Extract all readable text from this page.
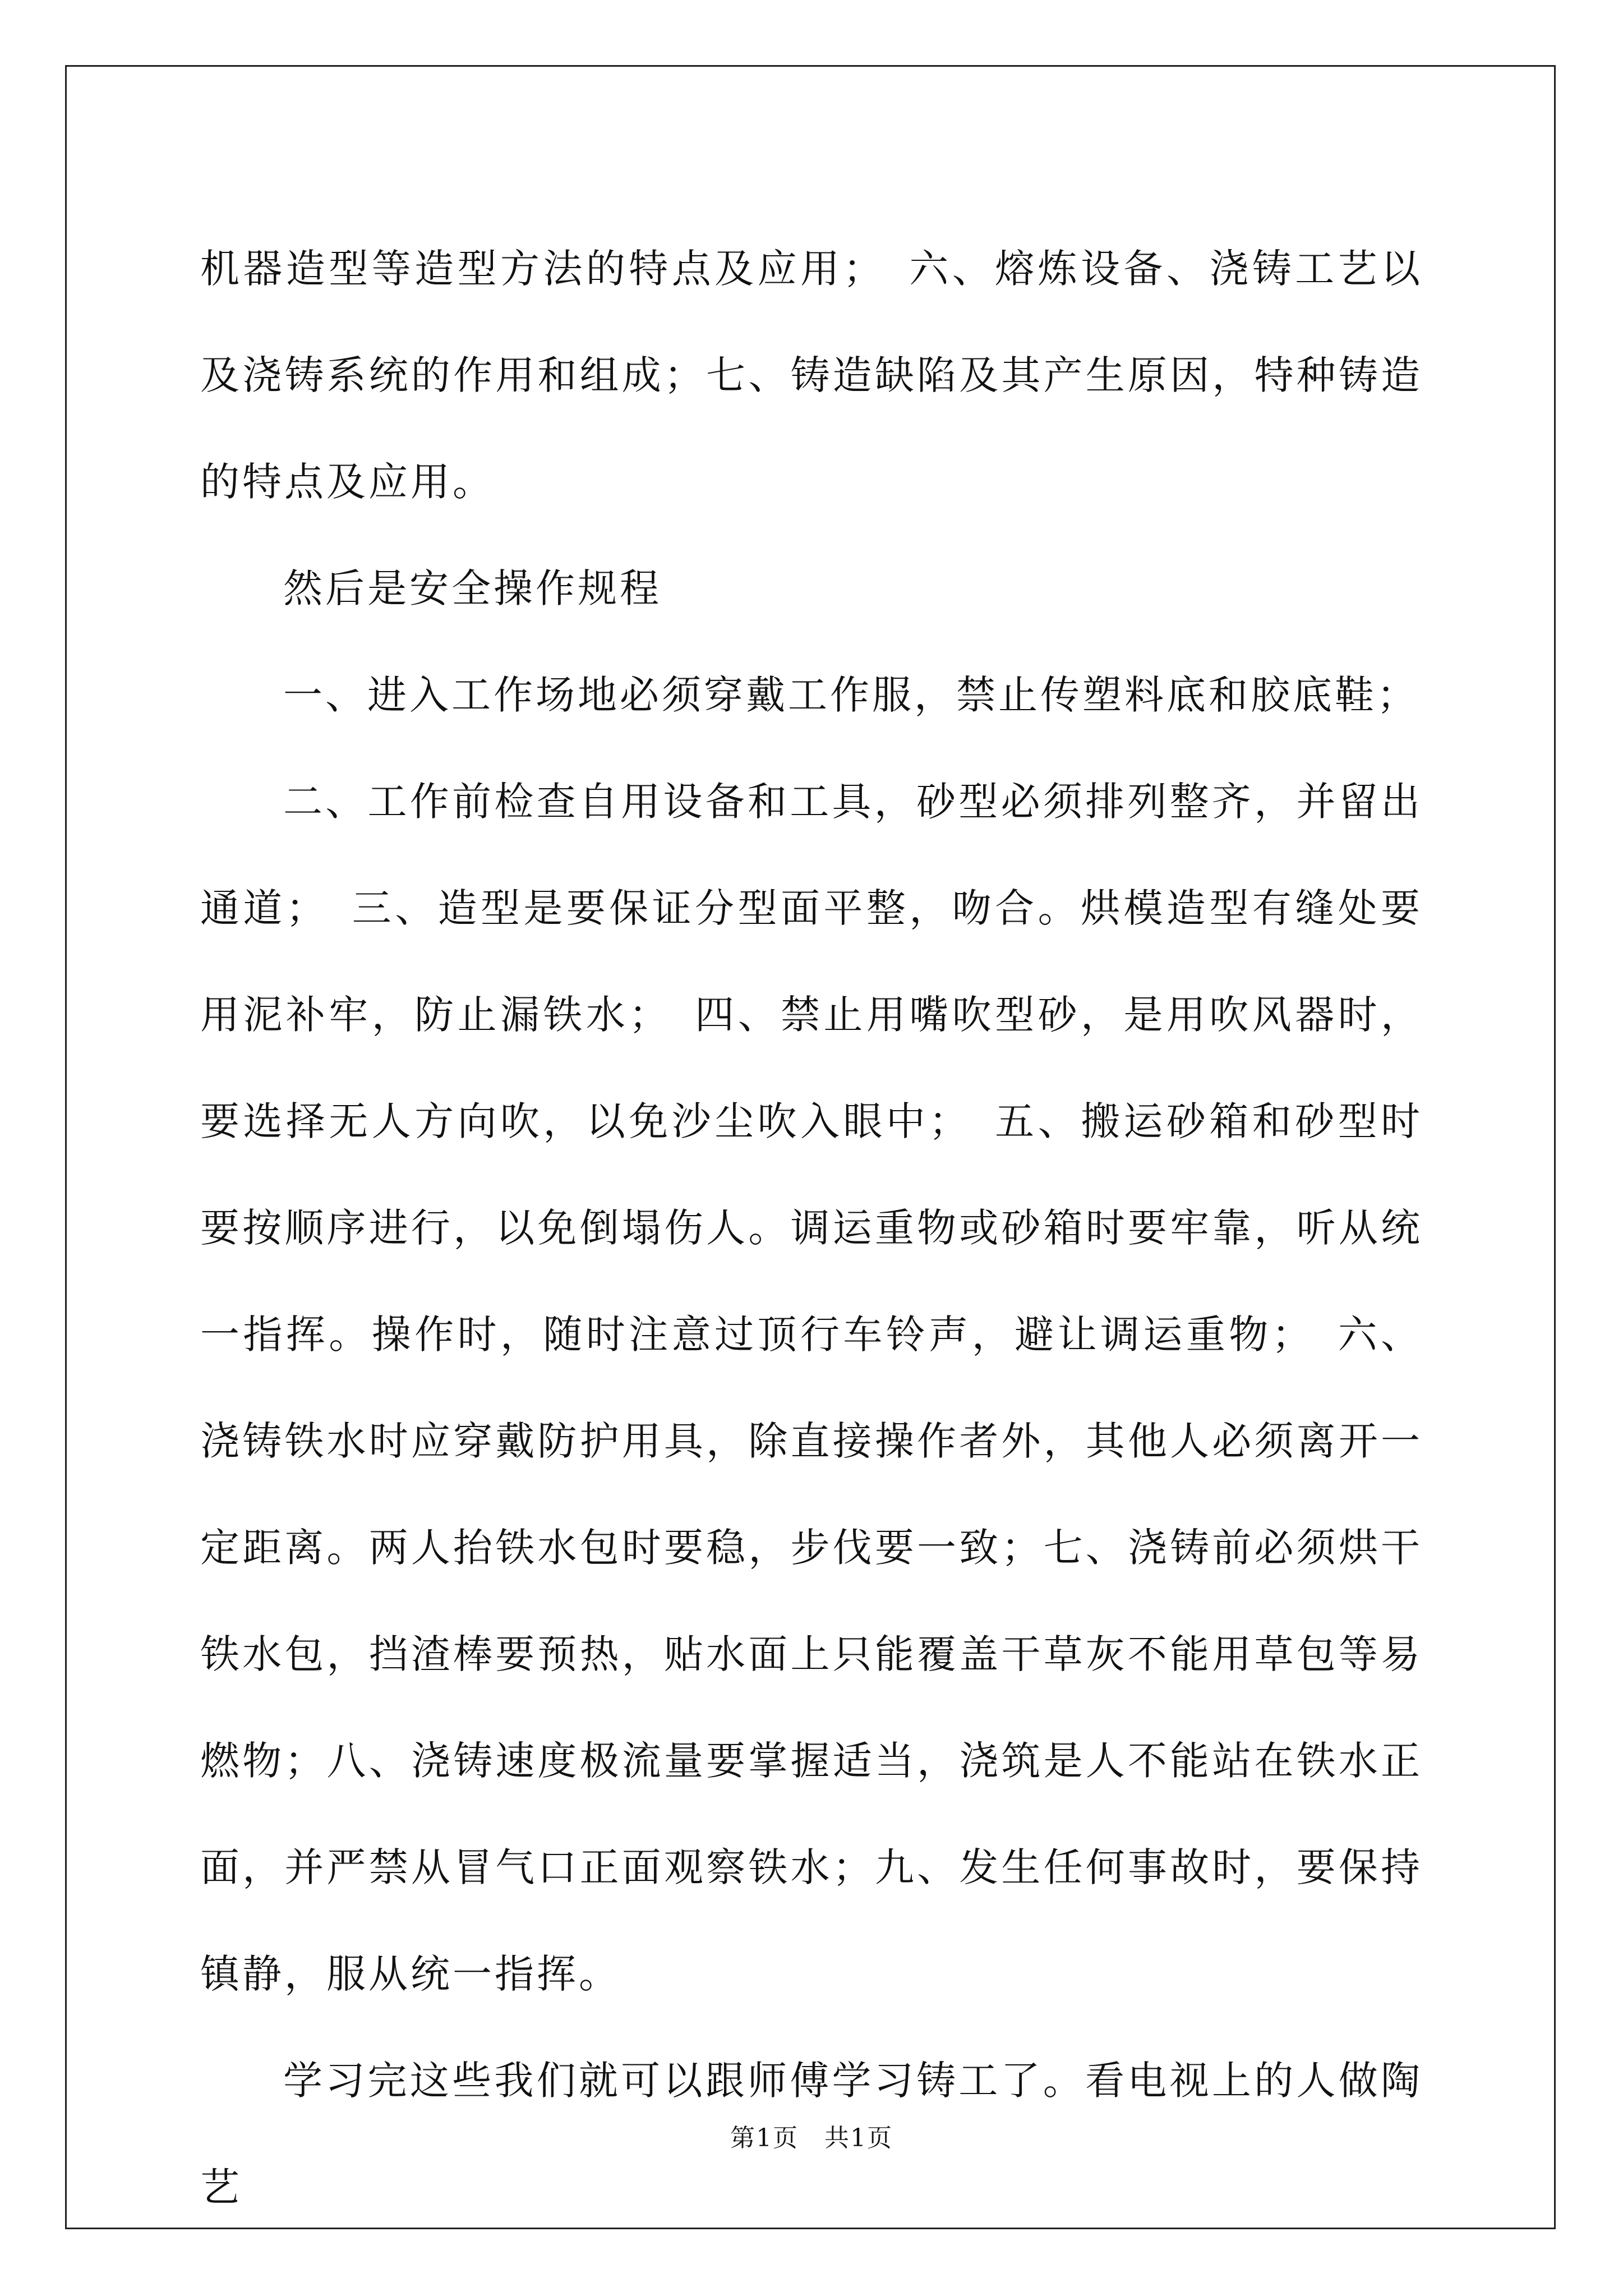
机器造型等造型方法的特点及应用；　六、熔炼设备、浇铸工艺以及浇铸系统的作用和组成；七、铸造缺陷及其产生原因，特种铸造的特点及应用。

然后是安全操作规程

一、进入工作场地必须穿戴工作服，禁止传塑料底和胶底鞋；

二、工作前检查自用设备和工具，砂型必须排列整齐，并留出通道；　三、造型是要保证分型面平整，吻合。烘模造型有缝处要用泥补牢，防止漏铁水；　四、禁止用嘴吹型砂，是用吹风器时，要选择无人方向吹，以免沙尘吹入眼中；　五、搬运砂箱和砂型时要按顺序进行，以免倒塌伤人。调运重物或砂箱时要牢靠，听从统一指挥。操作时，随时注意过顶行车铃声，避让调运重物；　六、浇铸铁水时应穿戴防护用具，除直接操作者外，其他人必须离开一定距离。两人抬铁水包时要稳，步伐要一致；七、浇铸前必须烘干铁水包，挡渣棒要预热，贴水面上只能覆盖干草灰不能用草包等易燃物；八、浇铸速度极流量要掌握适当，浇筑是人不能站在铁水正面，并严禁从冒气口正面观察铁水；九、发生任何事故时，要保持镇静，服从统一指挥。

学习完这些我们就可以跟师傅学习铸工了。看电视上的人做陶艺

第1页　共1页
